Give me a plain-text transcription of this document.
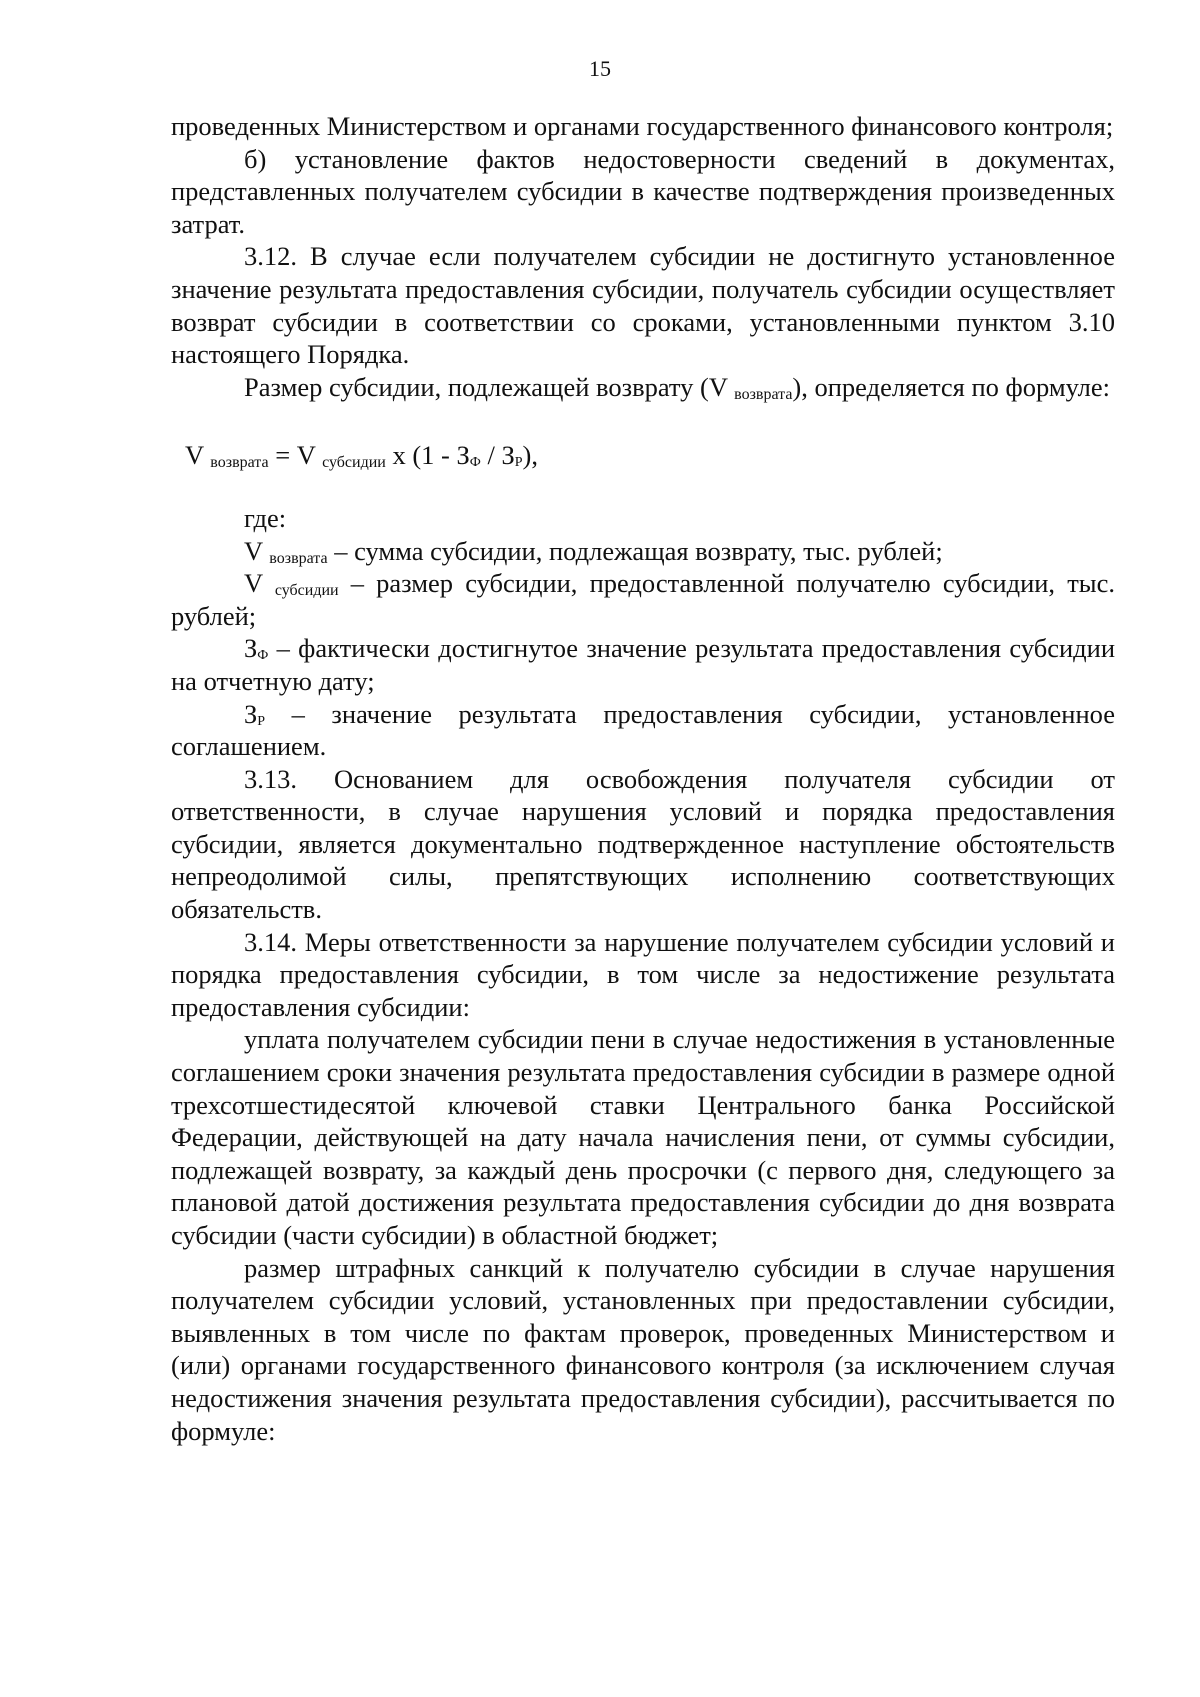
15

проведенных Министерством и органами государственного финансового контроля;

б) установление фактов недостоверности сведений в документах, представленных получателем субсидии в качестве подтверждения произведенных затрат.

3.12. В случае если получателем субсидии не достигнуто установленное значение результата предоставления субсидии, получатель субсидии осуществляет возврат субсидии в соответствии со сроками, установленными пунктом 3.10 настоящего Порядка.

Размер субсидии, подлежащей возврату (V возврата), определяется по формуле:

V возврата = V субсидии x (1 - ЗФ / ЗР),

где:

V возврата – сумма субсидии, подлежащая возврату, тыс. рублей;

V субсидии – размер субсидии, предоставленной получателю субсидии, тыс. рублей;

ЗФ – фактически достигнутое значение результата предоставления субсидии на отчетную дату;

ЗР – значение результата предоставления субсидии, установленное соглашением.

3.13. Основанием для освобождения получателя субсидии от ответственности, в случае нарушения условий и порядка предоставления субсидии, является документально подтвержденное наступление обстоятельств непреодолимой силы, препятствующих исполнению соответствующих обязательств.

3.14. Меры ответственности за нарушение получателем субсидии условий и порядка предоставления субсидии, в том числе за недостижение результата предоставления субсидии:

уплата получателем субсидии пени в случае недостижения в установленные соглашением сроки значения результата предоставления субсидии в размере одной трехсотшестидесятой ключевой ставки Центрального банка Российской Федерации, действующей на дату начала начисления пени, от суммы субсидии, подлежащей возврату, за каждый день просрочки (с первого дня, следующего за плановой датой достижения результата предоставления субсидии до дня возврата субсидии (части субсидии) в областной бюджет;

размер штрафных санкций к получателю субсидии в случае нарушения получателем субсидии условий, установленных при предоставлении субсидии, выявленных в том числе по фактам проверок, проведенных Министерством и (или) органами государственного финансового контроля (за исключением случая недостижения значения результата предоставления субсидии), рассчитывается по формуле:
